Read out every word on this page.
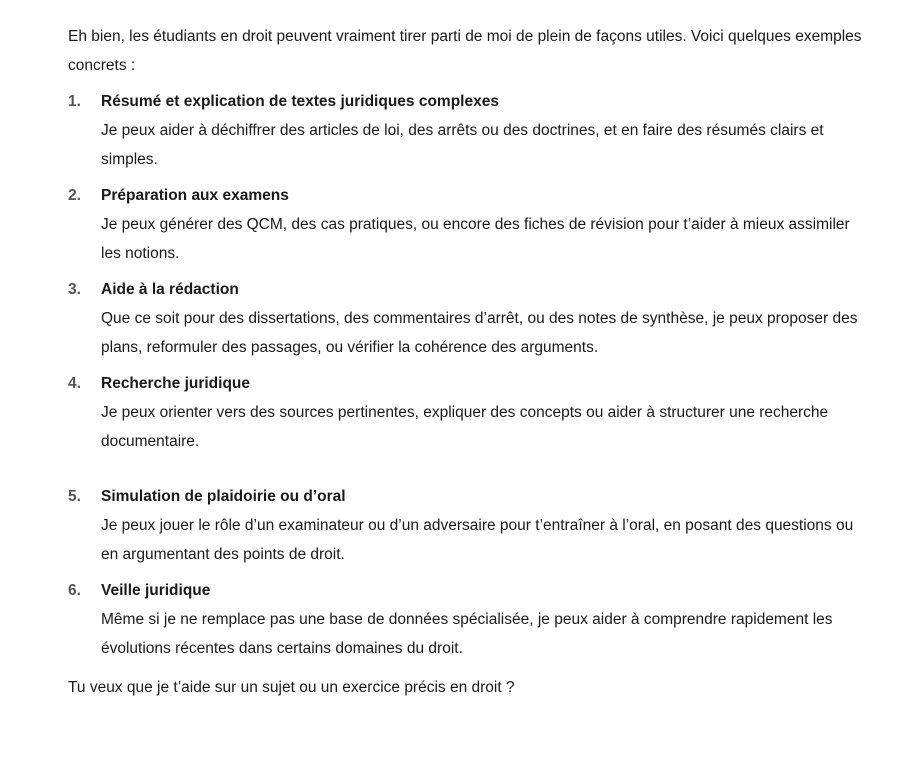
Eh bien, les étudiants en droit peuvent vraiment tirer parti de moi de plein de façons utiles. Voici quelques exemples concrets :

1.	Résumé et explication de textes juridiques complexes
Je peux aider à déchiffrer des articles de loi, des arrêts ou des doctrines, et en faire des résumés clairs et simples.
2.	Préparation aux examens
Je peux générer des QCM, des cas pratiques, ou encore des fiches de révision pour t’aider à mieux assimiler les notions.
3.	Aide à la rédaction
Que ce soit pour des dissertations, des commentaires d’arrêt, ou des notes de synthèse, je peux proposer des plans, reformuler des passages, ou vérifier la cohérence des arguments.
4.	Recherche juridique
Je peux orienter vers des sources pertinentes, expliquer des concepts ou aider à structurer une recherche documentaire.
5.	Simulation de plaidoirie ou d’oral
Je peux jouer le rôle d’un examinateur ou d’un adversaire pour t’entraîner à l’oral, en posant des questions ou en argumentant des points de droit.
6.	Veille juridique
Même si je ne remplace pas une base de données spécialisée, je peux aider à comprendre rapidement les évolutions récentes dans certains domaines du droit.

Tu veux que je t’aide sur un sujet ou un exercice précis en droit ?
